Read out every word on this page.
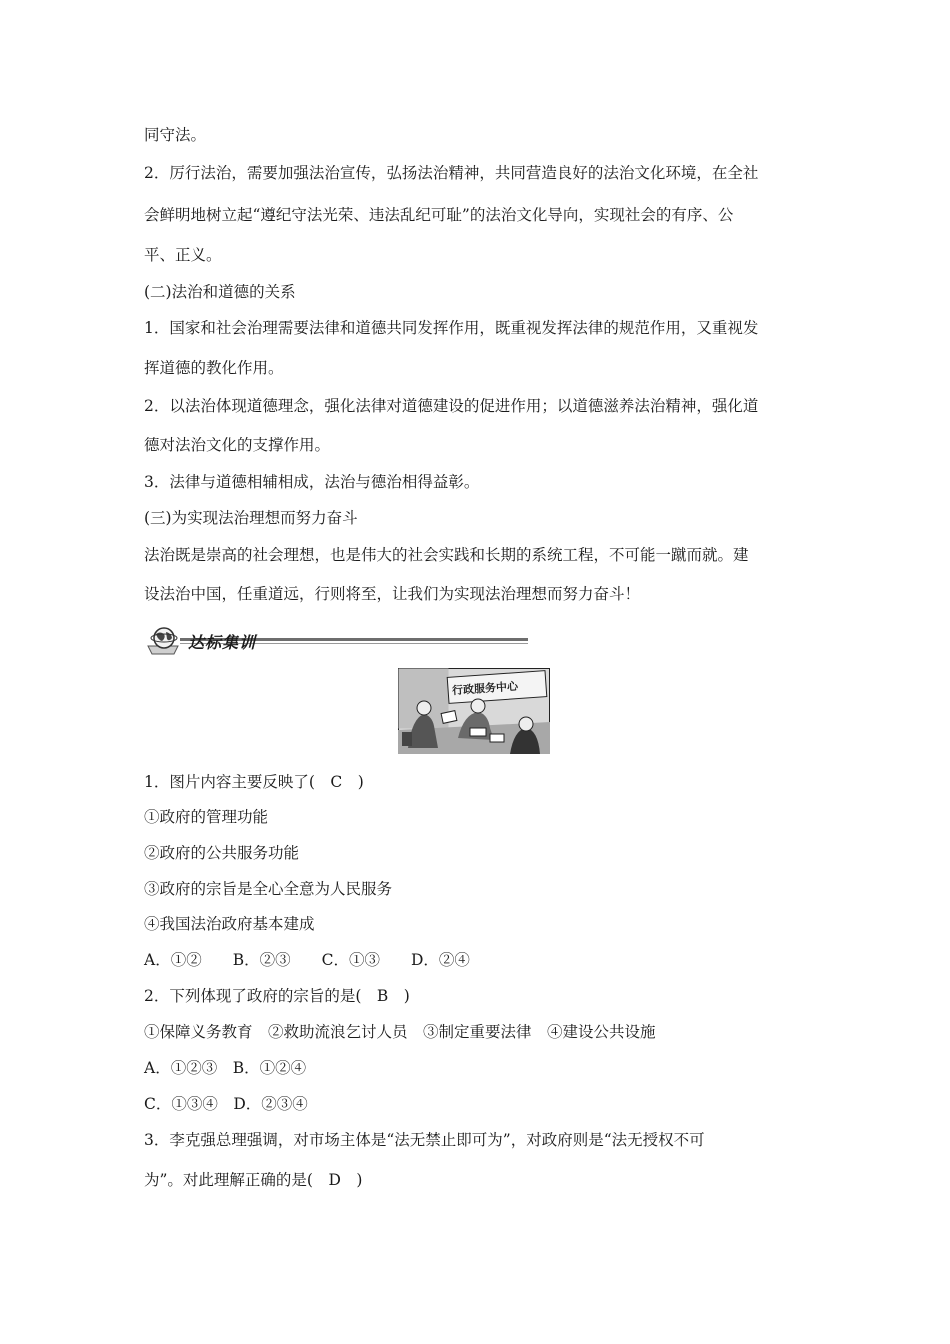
同守法。
2．厉行法治，需要加强法治宣传，弘扬法治精神，共同营造良好的法治文化环境，在全社
会鲜明地树立起“遵纪守法光荣、违法乱纪可耻”的法治文化导向，实现社会的有序、公
平、正义。
(二)法治和道德的关系
1．国家和社会治理需要法律和道德共同发挥作用，既重视发挥法律的规范作用，又重视发
挥道德的教化作用。
2．以法治体现道德理念，强化法律对道德建设的促进作用；以道德滋养法治精神，强化道
德对法治文化的支撑作用。
3．法律与道德相辅相成，法治与德治相得益彰。
(三)为实现法治理想而努力奋斗
法治既是崇高的社会理想，也是伟大的社会实践和长期的系统工程，不可能一蹴而就。建
设法治中国，任重道远，行则将至，让我们为实现法治理想而努力奋斗！
达标集训
行政服务中心
1．图片内容主要反映了(　C　)
①政府的管理功能
②政府的公共服务功能
③政府的宗旨是全心全意为人民服务
④我国法治政府基本建成
A．①②　　B．②③　　C．①③　　D．②④
2．下列体现了政府的宗旨的是(　B　)
①保障义务教育　②救助流浪乞讨人员　③制定重要法律　④建设公共设施
A．①②③　B．①②④
C．①③④　D．②③④
3．李克强总理强调，对市场主体是“法无禁止即可为”，对政府则是“法无授权不可
为”。对此理解正确的是(　D　)
